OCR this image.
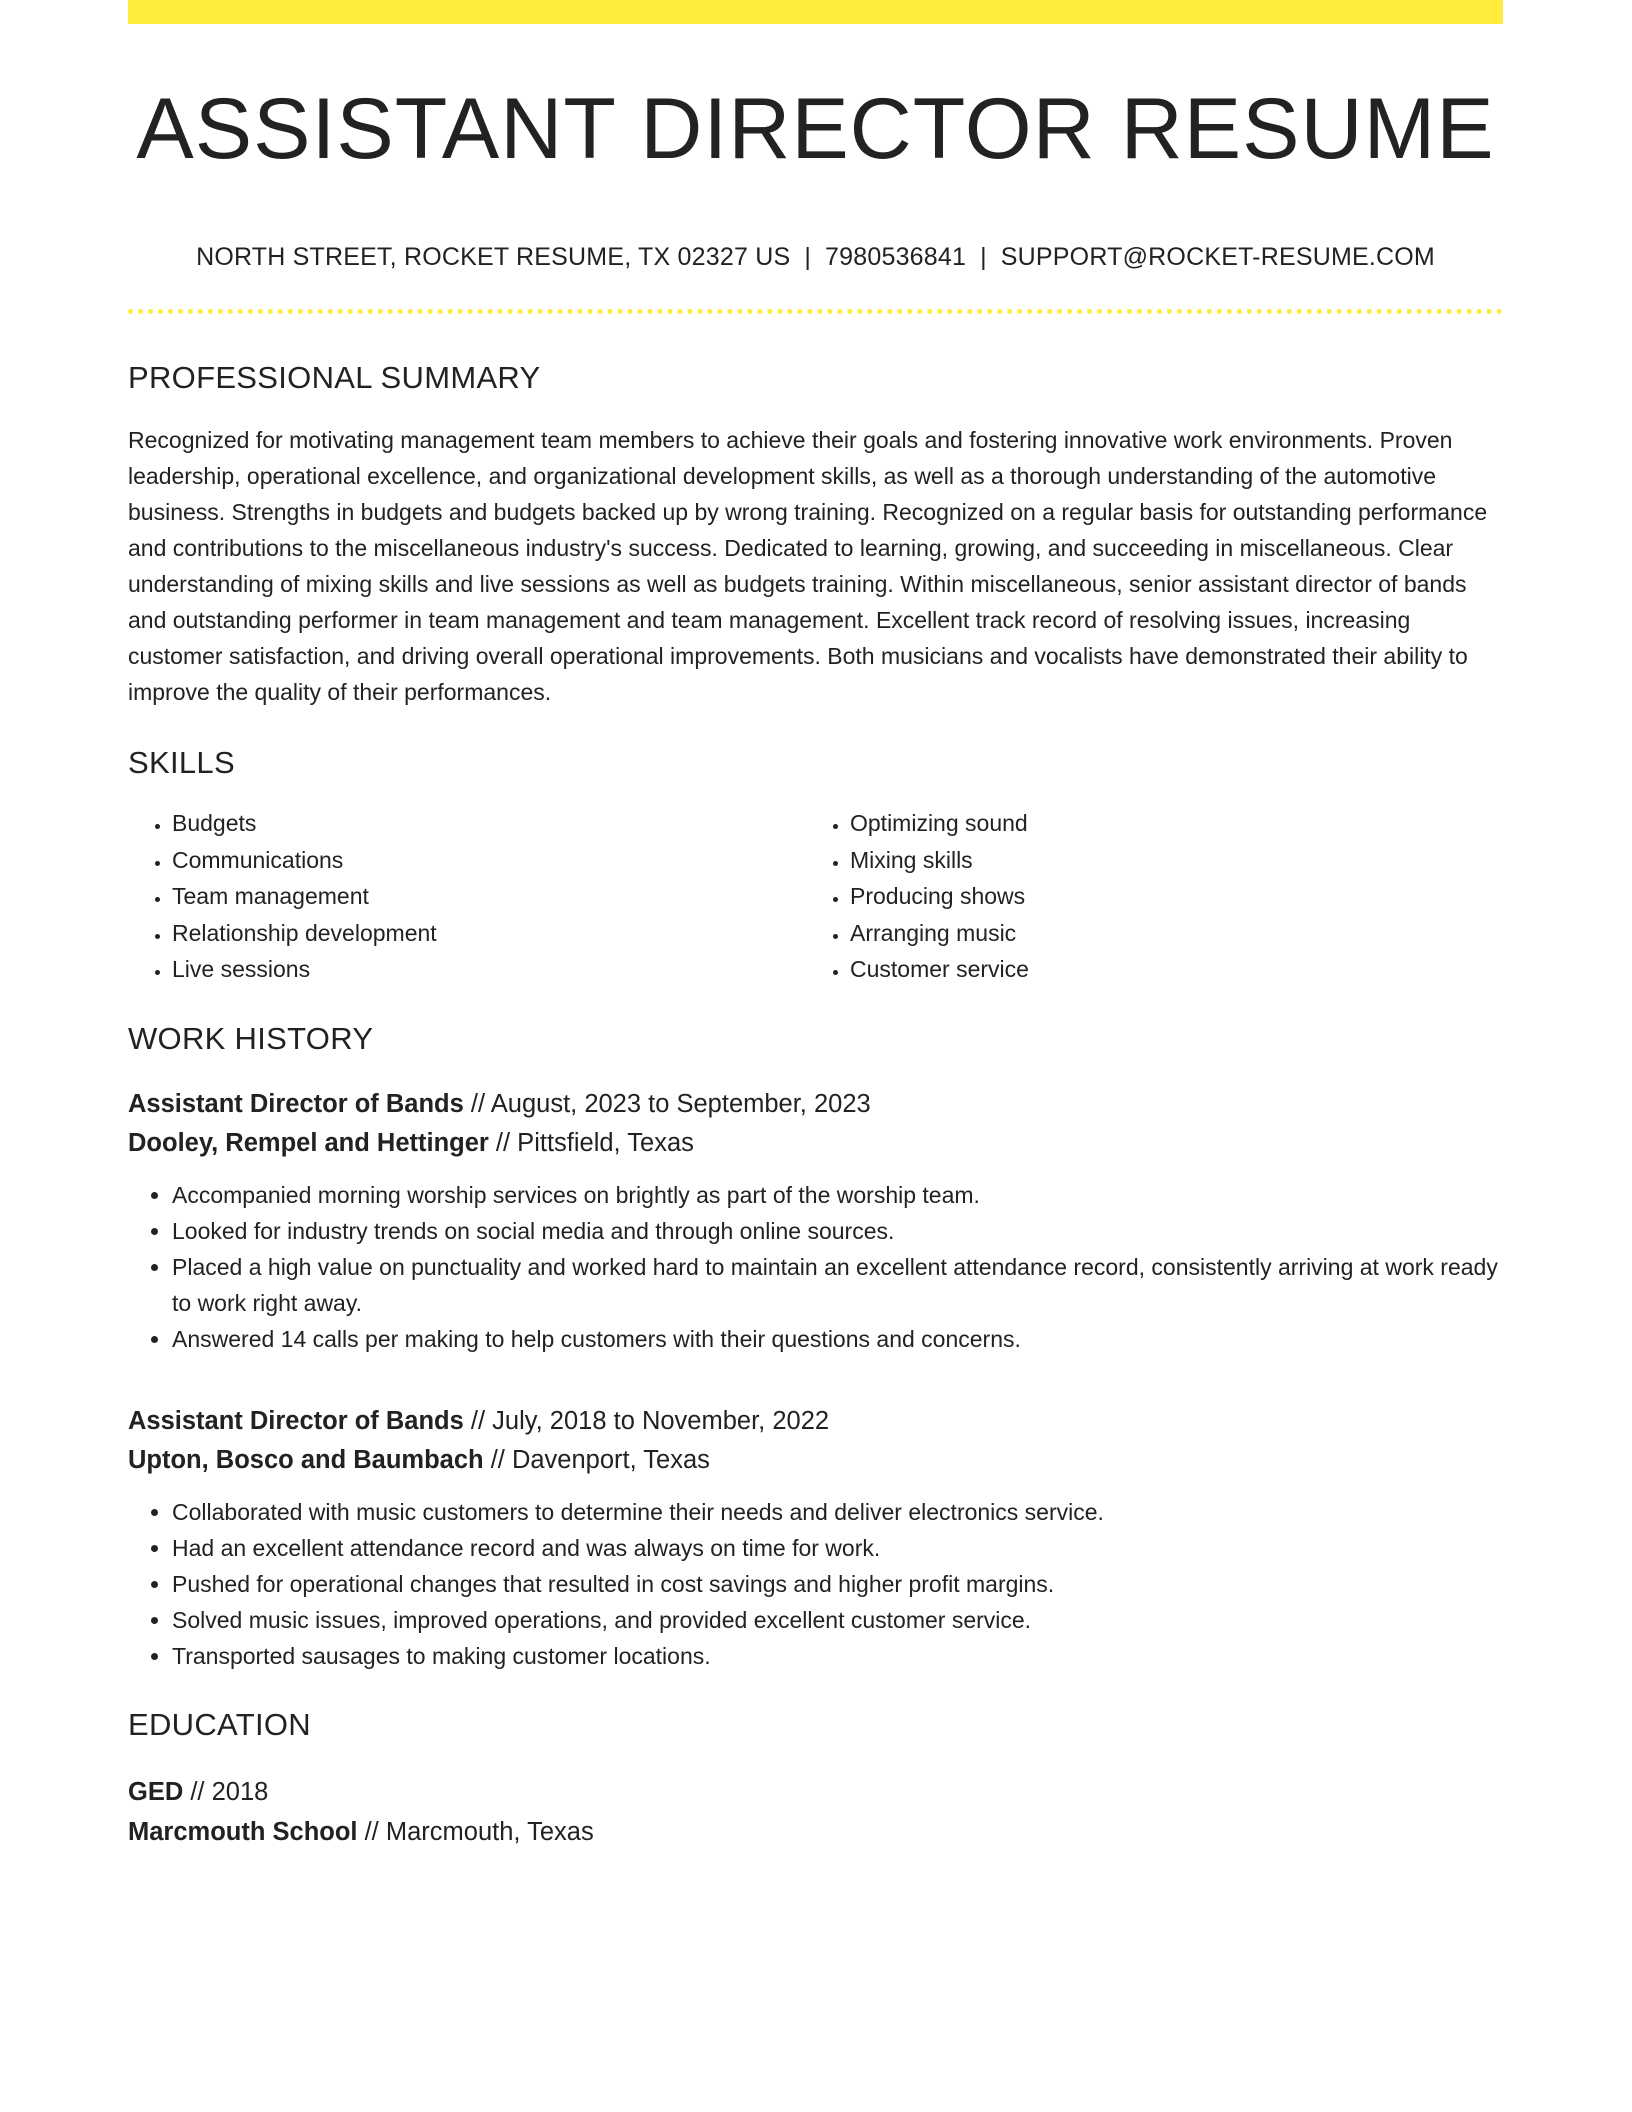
ASSISTANT DIRECTOR RESUME
NORTH STREET, ROCKET RESUME, TX 02327 US | 7980536841 | SUPPORT@ROCKET-RESUME.COM
PROFESSIONAL SUMMARY
Recognized for motivating management team members to achieve their goals and fostering innovative work environments. Proven leadership, operational excellence, and organizational development skills, as well as a thorough understanding of the automotive business. Strengths in budgets and budgets backed up by wrong training. Recognized on a regular basis for outstanding performance and contributions to the miscellaneous industry's success. Dedicated to learning, growing, and succeeding in miscellaneous. Clear understanding of mixing skills and live sessions as well as budgets training. Within miscellaneous, senior assistant director of bands and outstanding performer in team management and team management. Excellent track record of resolving issues, increasing customer satisfaction, and driving overall operational improvements. Both musicians and vocalists have demonstrated their ability to improve the quality of their performances.
SKILLS
• Budgets
• Communications
• Team management
• Relationship development
• Live sessions
• Optimizing sound
• Mixing skills
• Producing shows
• Arranging music
• Customer service
WORK HISTORY
Assistant Director of Bands // August, 2023 to September, 2023
Dooley, Rempel and Hettinger // Pittsfield, Texas
• Accompanied morning worship services on brightly as part of the worship team.
• Looked for industry trends on social media and through online sources.
• Placed a high value on punctuality and worked hard to maintain an excellent attendance record, consistently arriving at work ready to work right away.
• Answered 14 calls per making to help customers with their questions and concerns.
Assistant Director of Bands // July, 2018 to November, 2022
Upton, Bosco and Baumbach // Davenport, Texas
• Collaborated with music customers to determine their needs and deliver electronics service.
• Had an excellent attendance record and was always on time for work.
• Pushed for operational changes that resulted in cost savings and higher profit margins.
• Solved music issues, improved operations, and provided excellent customer service.
• Transported sausages to making customer locations.
EDUCATION
GED // 2018
Marcmouth School // Marcmouth, Texas
